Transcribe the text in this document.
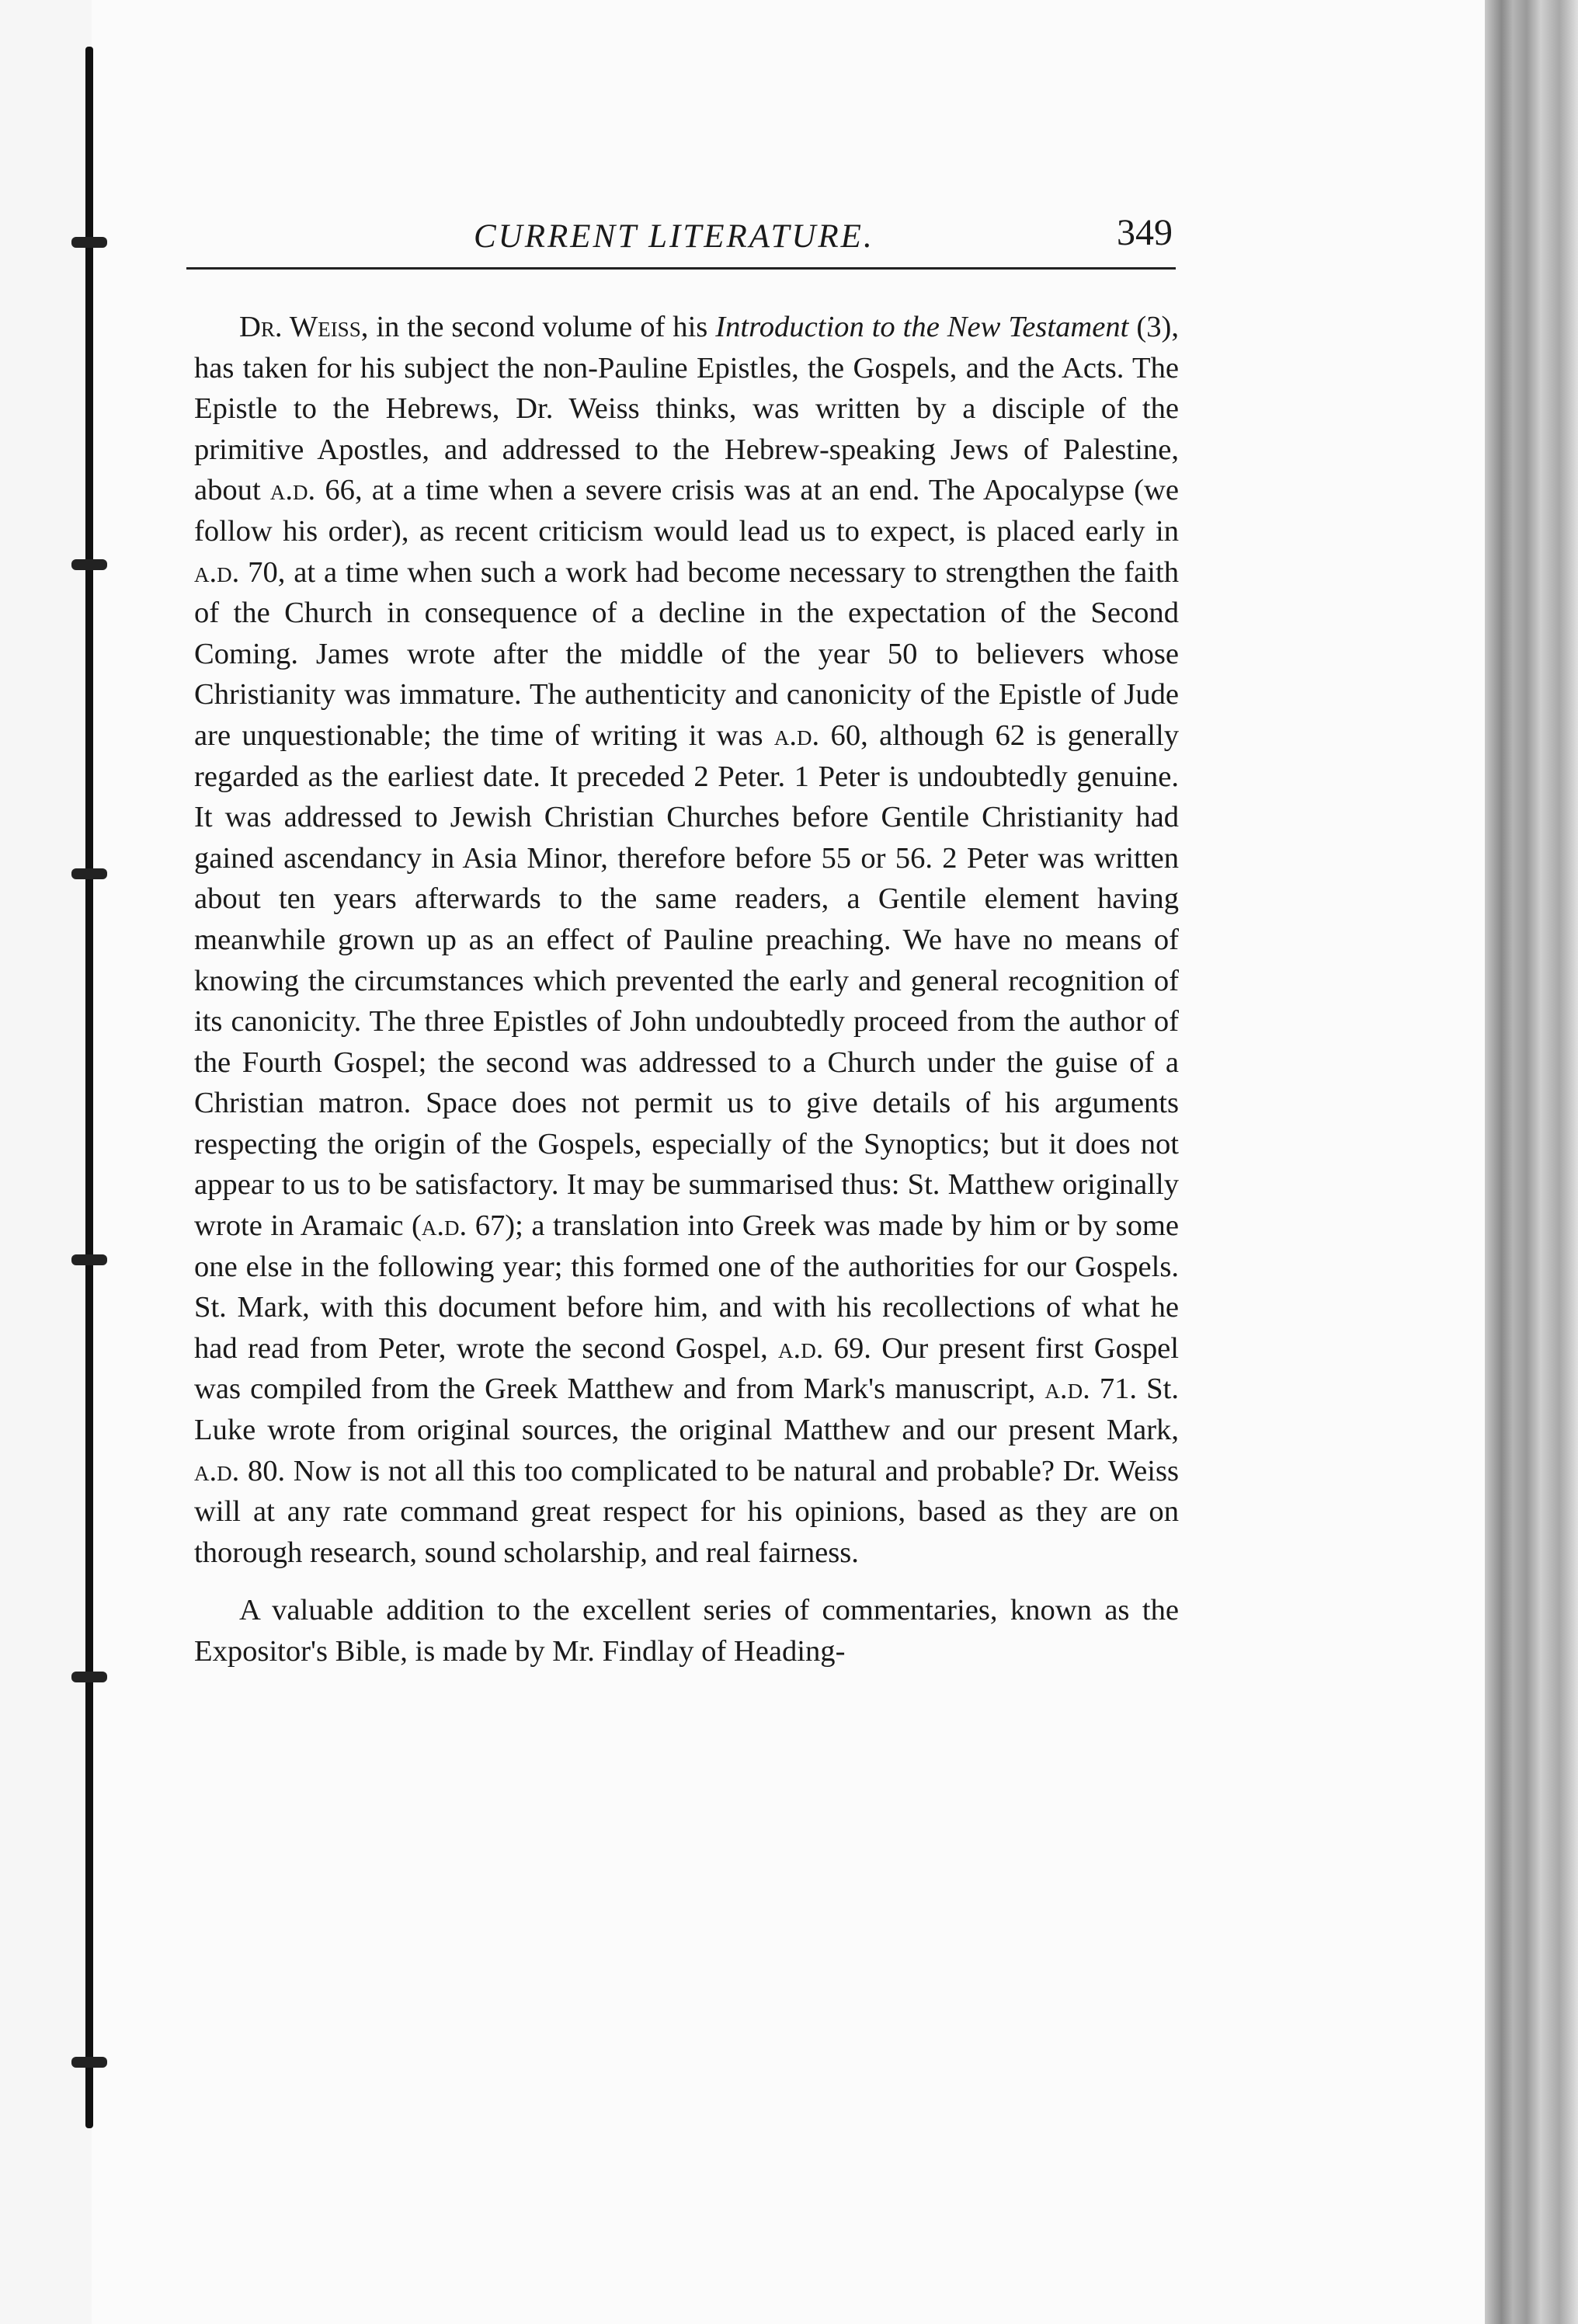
CURRENT LITERATURE.	349

Dr. Weiss, in the second volume of his Introduction to the New Testament (3), has taken for his subject the non-Pauline Epistles, the Gospels, and the Acts. The Epistle to the Hebrews, Dr. Weiss thinks, was written by a disciple of the primitive Apostles, and addressed to the Hebrew-speaking Jews of Palestine, about a.d. 66, at a time when a severe crisis was at an end. The Apocalypse (we follow his order), as recent criticism would lead us to expect, is placed early in a.d. 70, at a time when such a work had become necessary to strengthen the faith of the Church in consequence of a decline in the expectation of the Second Coming. James wrote after the middle of the year 50 to believers whose Christianity was immature. The authenticity and canonicity of the Epistle of Jude are unquestionable; the time of writing it was a.d. 60, although 62 is generally regarded as the earliest date. It preceded 2 Peter. 1 Peter is undoubtedly genuine. It was addressed to Jewish Christian Churches before Gentile Christianity had gained ascendancy in Asia Minor, therefore before 55 or 56. 2 Peter was written about ten years afterwards to the same readers, a Gentile element having meanwhile grown up as an effect of Pauline preaching. We have no means of knowing the circumstances which prevented the early and general recognition of its canonicity. The three Epistles of John undoubtedly proceed from the author of the Fourth Gospel; the second was addressed to a Church under the guise of a Christian matron. Space does not permit us to give details of his arguments respecting the origin of the Gospels, especially of the Synoptics; but it does not appear to us to be satisfactory. It may be summarised thus: St. Matthew originally wrote in Aramaic (a.d. 67); a translation into Greek was made by him or by some one else in the following year; this formed one of the authorities for our Gospels. St. Mark, with this document before him, and with his recollections of what he had read from Peter, wrote the second Gospel, a.d. 69. Our present first Gospel was compiled from the Greek Matthew and from Mark's manuscript, a.d. 71. St. Luke wrote from original sources, the original Matthew and our present Mark, a.d. 80. Now is not all this too complicated to be natural and probable? Dr. Weiss will at any rate command great respect for his opinions, based as they are on thorough research, sound scholarship, and real fairness.

A valuable addition to the excellent series of commentaries, known as the Expositor's Bible, is made by Mr. Findlay of Heading-
